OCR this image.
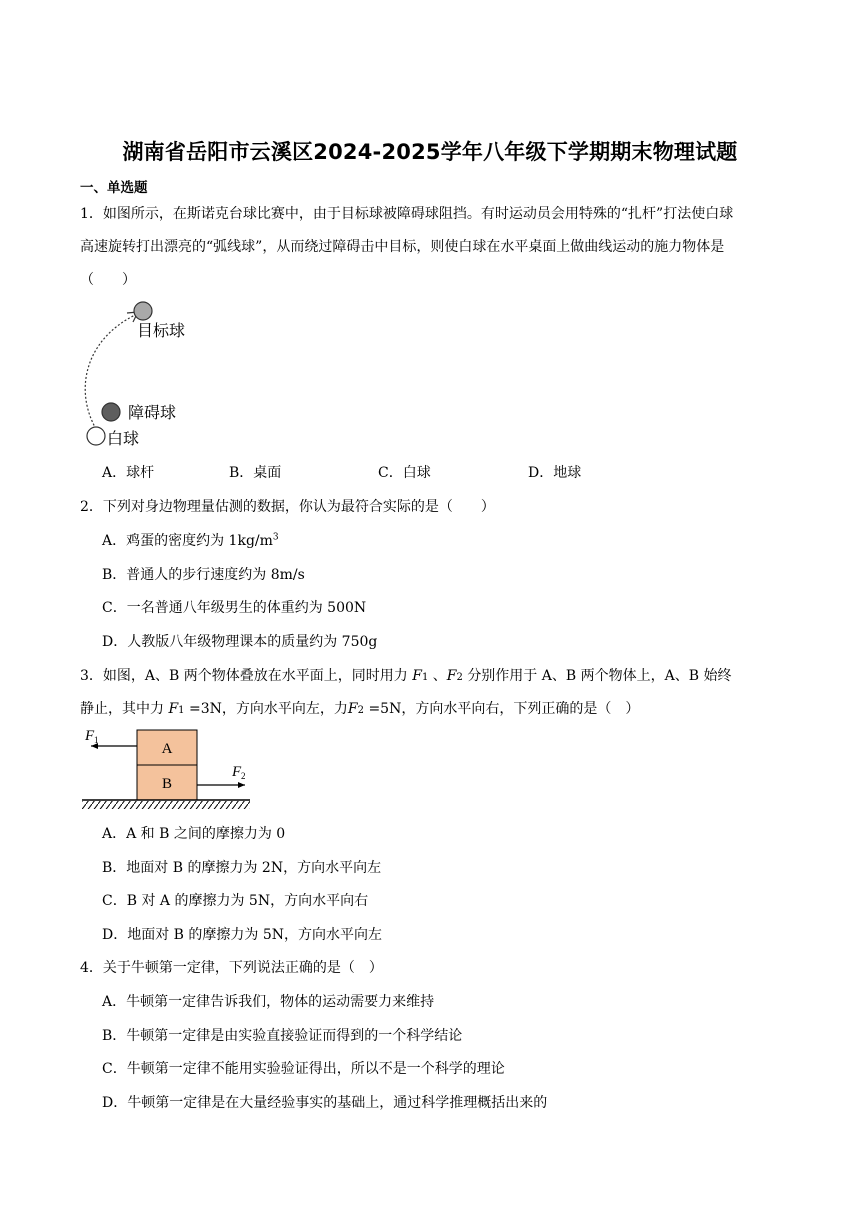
湖南省岳阳市云溪区2024-2025学年八年级下学期期末物理试题
一、单选题
1．如图所示，在斯诺克台球比赛中，由于目标球被障碍球阻挡。有时运动员会用特殊的“扎杆”打法使白球
高速旋转打出漂亮的“弧线球”，从而绕过障碍击中目标，则使白球在水平桌面上做曲线运动的施力物体是
（　　）
目标球
障碍球
白球
A．球杆	B．桌面	C．白球	D．地球
2．下列对身边物理量估测的数据，你认为最符合实际的是（　　）
A．鸡蛋的密度约为 $1kg/m^3$
B．普通人的步行速度约为 8m/s
C．一名普通八年级男生的体重约为 500N
D．人教版八年级物理课本的质量约为 750g
3．如图，A、B 两个物体叠放在水平面上，同时用力 F1 、F2 分别作用于 A、B 两个物体上，A、B 始终
静止，其中力 F1 =3N，方向水平向左，力F2 =5N，方向水平向右，下列正确的是（　）
A
B
F 1
F 2
A．A 和 B 之间的摩擦力为 0
B．地面对 B 的摩擦力为 2N，方向水平向左
C．B 对 A 的摩擦力为 5N，方向水平向右
D．地面对 B 的摩擦力为 5N，方向水平向左
4．关于牛顿第一定律，下列说法正确的是（　）
A．牛顿第一定律告诉我们，物体的运动需要力来维持
B．牛顿第一定律是由实验直接验证而得到的一个科学结论
C．牛顿第一定律不能用实验验证得出，所以不是一个科学的理论
D．牛顿第一定律是在大量经验事实的基础上，通过科学推理概括出来的
